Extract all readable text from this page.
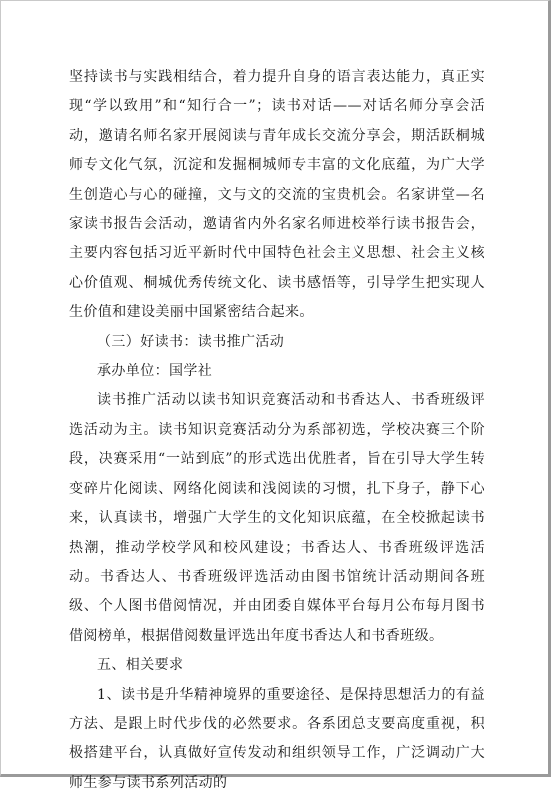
坚持读书与实践相结合，着力提升自身的语言表达能力，真正实现“学以致用”和“知行合一”；读书对话——对话名师分享会活动，邀请名师名家开展阅读与青年成长交流分享会，期活跃桐城师专文化气氛，沉淀和发掘桐城师专丰富的文化底蕴，为广大学生创造心与心的碰撞，文与文的交流的宝贵机会。名家讲堂—名家读书报告会活动，邀请省内外名家名师进校举行读书报告会，主要内容包括习近平新时代中国特色社会主义思想、社会主义核心价值观、桐城优秀传统文化、读书感悟等，引导学生把实现人生价值和建设美丽中国紧密结合起来。

（三）好读书：读书推广活动

承办单位：国学社

读书推广活动以读书知识竞赛活动和书香达人、书香班级评选活动为主。读书知识竞赛活动分为系部初选，学校决赛三个阶段，决赛采用“一站到底”的形式选出优胜者，旨在引导大学生转变碎片化阅读、网络化阅读和浅阅读的习惯，扎下身子，静下心来，认真读书，增强广大学生的文化知识底蕴，在全校掀起读书热潮，推动学校学风和校风建设；书香达人、书香班级评选活动。书香达人、书香班级评选活动由图书馆统计活动期间各班级、个人图书借阅情况，并由团委自媒体平台每月公布每月图书借阅榜单，根据借阅数量评选出年度书香达人和书香班级。

五、相关要求

1、读书是升华精神境界的重要途径、是保持思想活力的有益方法、是跟上时代步伐的必然要求。各系团总支要高度重视，积极搭建平台，认真做好宣传发动和组织领导工作，广泛调动广大师生参与读书系列活动的
